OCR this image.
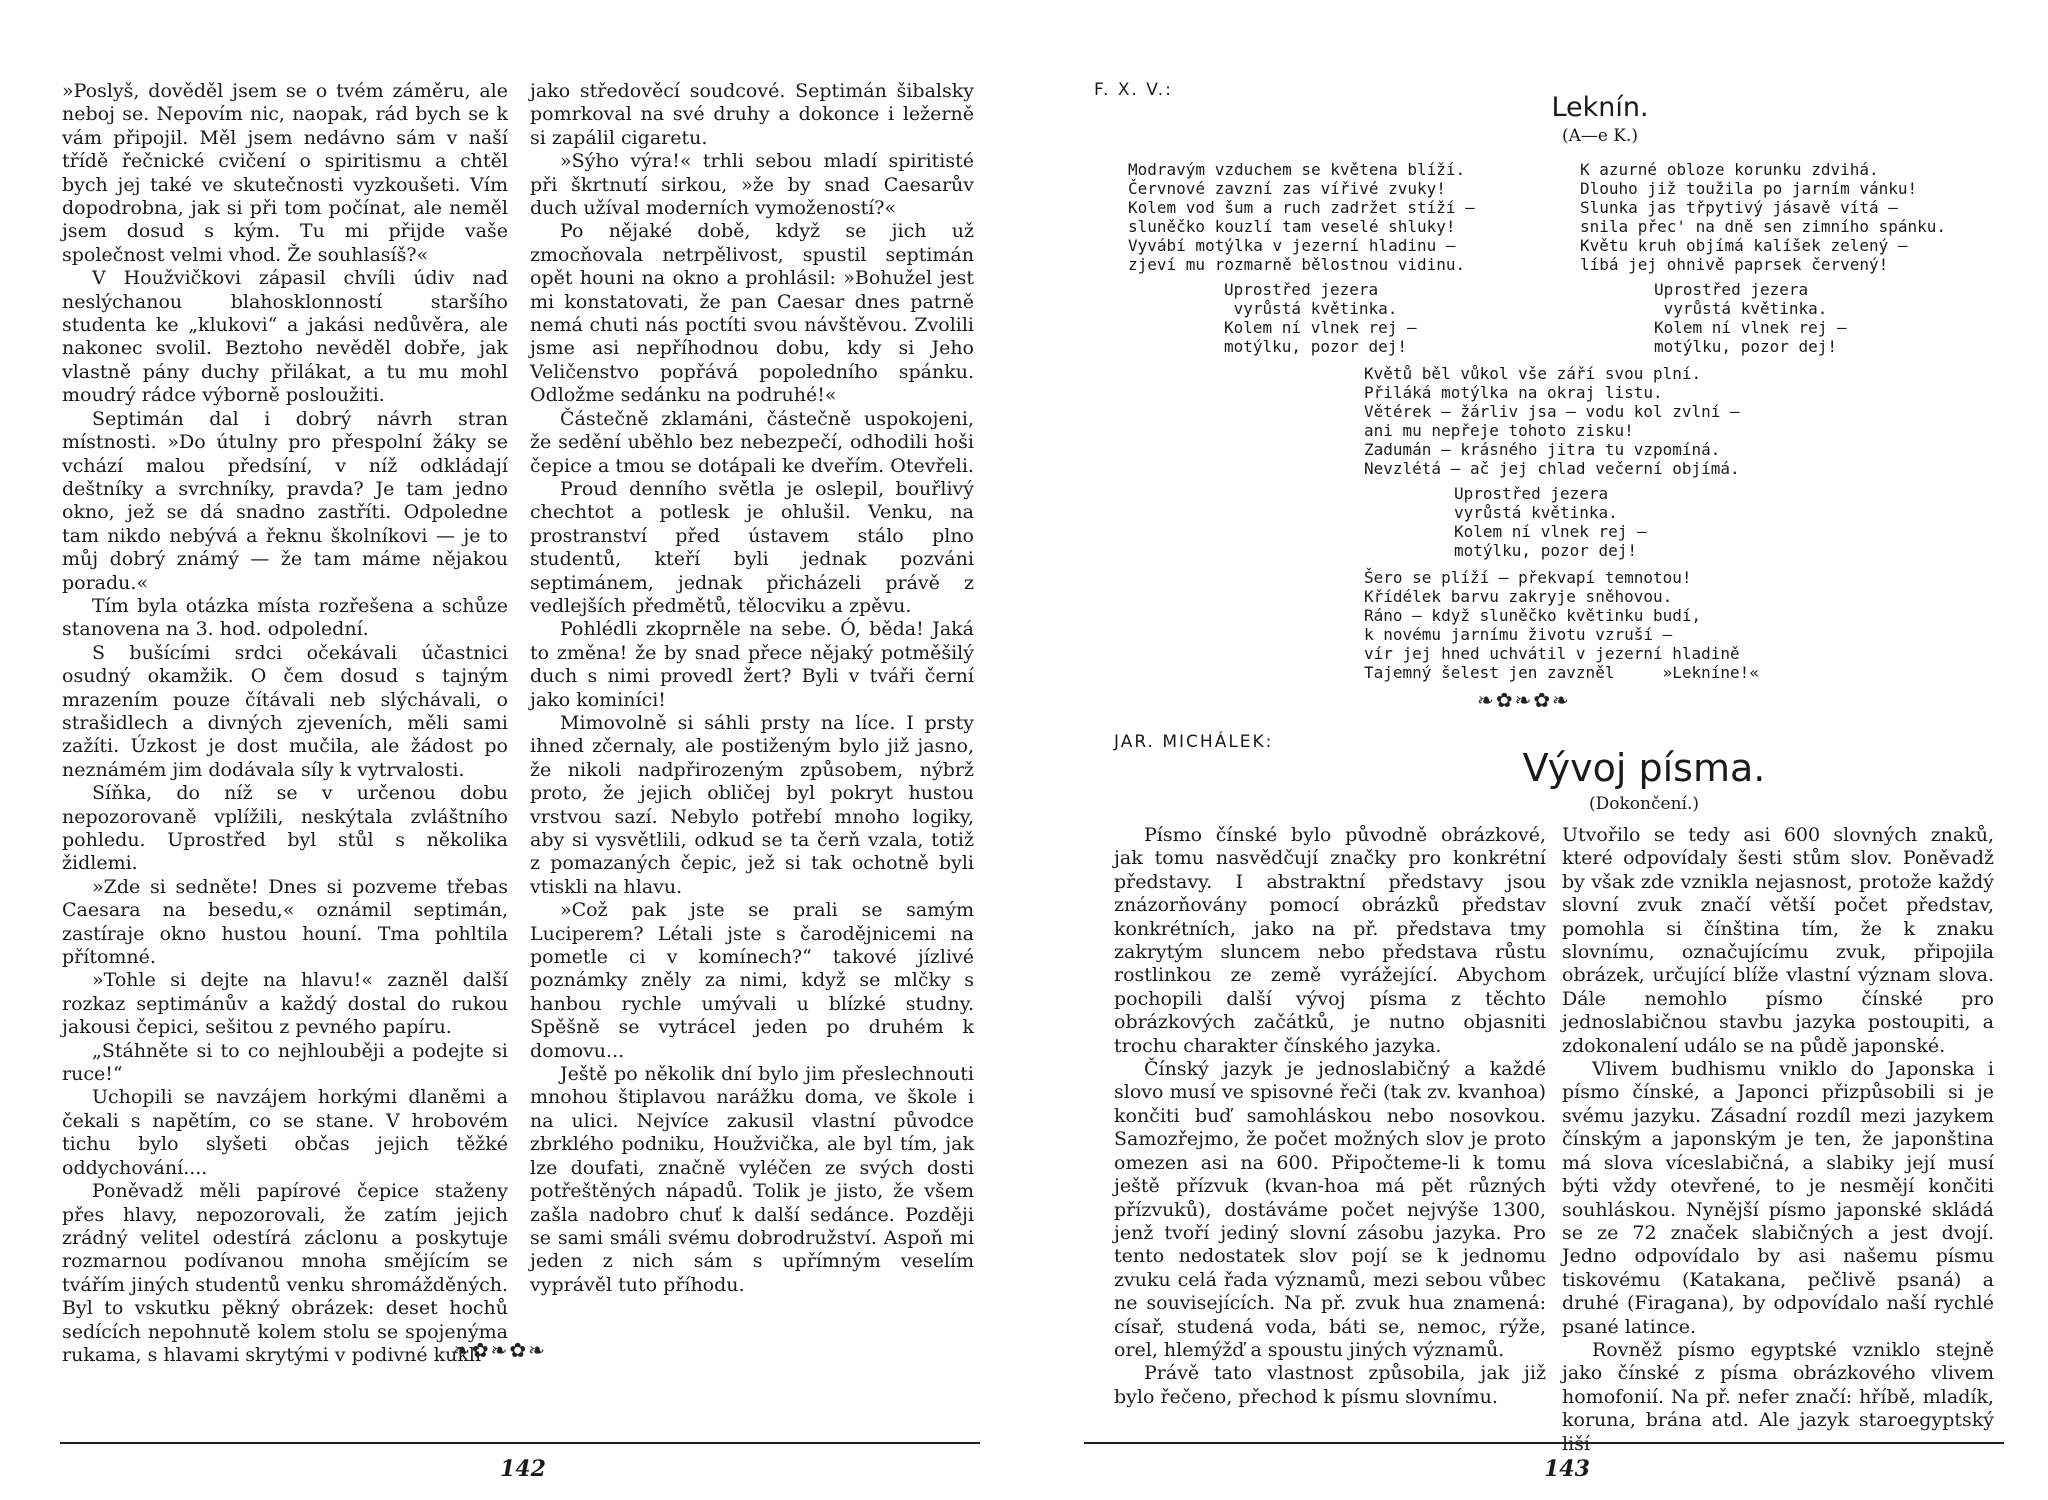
»Poslyš, dověděl jsem se o tvém záměru, ale neboj se. Nepovím nic, naopak, rád bych se k vám připojil. Měl jsem nedávno sám v naší třídě řečnické cvičení o spiritismu a chtěl bych jej také ve skutečnosti vyzkoušeti. Vím dopodrobna, jak si při tom počínat, ale neměl jsem dosud s kým. Tu mi přijde vaše společnost velmi vhod. Že souhlasíš?«

V Houžvičkovi zápasil chvíli údiv nad neslýchanou blahosklonností staršího studenta ke „klukovi“ a jakási nedůvěra, ale nakonec svolil. Beztoho nevěděl dobře, jak vlastně pány duchy přilákat, a tu mu mohl moudrý rádce výborně posloužiti.

Septimán dal i dobrý návrh stran místnosti. »Do útulny pro přespolní žáky se vchází malou předsíní, v níž odkládají deštníky a svrchníky, pravda? Je tam jedno okno, jež se dá snadno zastříti. Odpoledne tam nikdo nebývá a řeknu školníkovi — je to můj dobrý známý — že tam máme nějakou poradu.«

Tím byla otázka místa rozřešena a schůze stanovena na 3. hod. odpolední.

S bušícími srdci očekávali účastnici osudný okamžik. O čem dosud s tajným mrazením pouze čítávali neb slýchávali, o strašidlech a divných zjeveních, měli sami zažíti. Úzkost je dost mučila, ale žádost po neznámém jim dodávala síly k vytrvalosti.

Síňka, do níž se v určenou dobu nepozorovaně vplížili, neskýtala zvláštního pohledu. Uprostřed byl stůl s několika židlemi.

»Zde si sedněte! Dnes si pozveme třebas Caesara na besedu,« oznámil septimán, zastíraje okno hustou houní. Tma pohltila přítomné.

»Tohle si dejte na hlavu!« zazněl další rozkaz septimánův a každý dostal do rukou jakousi čepici, sešitou z pevného papíru.

„Stáhněte si to co nejhlouběji a podejte si ruce!“

Uchopili se navzájem horkými dlaněmi a čekali s napětím, co se stane. V hrobovém tichu bylo slyšeti občas jejich těžké oddychování....

Poněvadž měli papírové čepice staženy přes hlavy, nepozorovali, že zatím jejich zrádný velitel odestírá záclonu a poskytuje rozmarnou podívanou mnoha smějícím se tvářím jiných studentů venku shromážděných. Byl to vskutku pěkný obrázek: deset hochů sedících nepohnutě kolem stolu se spojenýma rukama, s hlavami skrytými v podivné kukli

jako středověcí soudcové. Septimán šibalsky pomrkoval na své druhy a dokonce i ležerně si zapálil cigaretu.

»Sýho výra!« trhli sebou mladí spiritisté při škrtnutí sirkou, »že by snad Caesarův duch užíval moderních vymožeností?«

Po nějaké době, když se jich už zmocňovala netrpělivost, spustil septimán opět houni na okno a prohlásil: »Bohužel jest mi konstatovati, že pan Caesar dnes patrně nemá chuti nás poctíti svou návštěvou. Zvolili jsme asi nepříhodnou dobu, kdy si Jeho Veličenstvo popřává popoledního spánku. Odložme sedánku na podruhé!«

Částečně zklamáni, částečně uspokojeni, že sedění uběhlo bez nebezpečí, odhodili hoši čepice a tmou se dotápali ke dveřím. Otevřeli.

Proud denního světla je oslepil, bouřlivý chechtot a potlesk je ohlušil. Venku, na prostranství před ústavem stálo plno studentů, kteří byli jednak pozváni septimánem, jednak přicházeli právě z vedlejších předmětů, tělocviku a zpěvu.

Pohlédli zkoprněle na sebe. Ó, běda! Jaká to změna! že by snad přece nějaký potměšilý duch s nimi provedl žert? Byli v tváři černí jako kominíci!

Mimovolně si sáhli prsty na líce. I prsty ihned zčernaly, ale postiženým bylo již jasno, že nikoli nadpřirozeným způsobem, nýbrž proto, že jejich obličej byl pokryt hustou vrstvou sazí. Nebylo potřebí mnoho logiky, aby si vysvětlili, odkud se ta čerň vzala, totiž z pomazaných čepic, jež si tak ochotně byli vtiskli na hlavu.

»Což pak jste se prali se samým Luciperem? Létali jste s čarodějnicemi na pometle ci v komínech?“ takové jízlivé poznámky zněly za nimi, když se mlčky s hanbou rychle umývali u blízké studny. Spěšně se vytrácel jeden po druhém k domovu...

Ještě po několik dní bylo jim přeslechnouti mnohou štiplavou narážku doma, ve škole i na ulici. Nejvíce zakusil vlastní původce zbrklého podniku, Houžvička, ale byl tím, jak lze doufati, značně vyléčen ze svých dosti potřeštěných nápadů. Tolik je jisto, že všem zašla nadobro chuť k další sedánce. Později se sami smáli svému dobrodružství. Aspoň mi jeden z nich sám s upřímným veselím vyprávěl tuto příhodu.

❧✿❧✿❧
142
F. X. V.:
Leknín.
(A—e K.)
Modravým vzduchem se květena blíží.
Červnové zavzní zas vířivé zvuky!
Kolem vod šum a ruch zadržet stíží —
sluněčko kouzlí tam veselé shluky!
Vyvábí motýlka v jezerní hladinu —
zjeví mu rozmarně bělostnou vidinu.
K azurné obloze korunku zdvihá.
Dlouho již toužila po jarním vánku!
Slunka jas třpytivý jásavě vítá —
snila přec' na dně sen zimního spánku.
Květu kruh objímá kalíšek zelený —
líbá jej ohnivě paprsek červený!
Uprostřed jezera
vyrůstá květinka.
Kolem ní vlnek rej —
motýlku, pozor dej!
Uprostřed jezera
vyrůstá květinka.
Kolem ní vlnek rej —
motýlku, pozor dej!
Květů běl vůkol vše září svou plní.
Přiláká motýlka na okraj listu.
Větérek — žárliv jsa — vodu kol zvlní —
ani mu nepřeje tohoto zisku!
Zadumán — krásného jitra tu vzpomíná.
Nevzlétá — ač jej chlad večerní objímá.
Uprostřed jezera
vyrůstá květinka.
Kolem ní vlnek rej —
motýlku, pozor dej!
Šero se plíží — překvapí temnotou!
Křídélek barvu zakryje sněhovou.
Ráno — když sluněčko květinku budí,
k novému jarnímu životu vzruší —
vír jej hned uchvátil v jezerní hladině
Tajemný šelest jen zavzněl     »Lekníne!«
❧✿❧✿❧
JAR. MICHÁLEK:
Vývoj písma.
(Dokončení.)

Písmo čínské bylo původně obrázkové, jak tomu nasvědčují značky pro konkrétní představy. I abstraktní představy jsou znázorňovány pomocí obrázků představ konkrétních, jako na př. představa tmy zakrytým sluncem nebo představa růstu rostlinkou ze země vyrážející. Abychom pochopili další vývoj písma z těchto obrázkových začátků, je nutno objasniti trochu charakter čínského jazyka.

Čínský jazyk je jednoslabičný a každé slovo musí ve spisovné řeči (tak zv. kvanhoa) končiti buď samohláskou nebo nosovkou. Samozřejmo, že počet možných slov je proto omezen asi na 600. Připočteme-li k tomu ještě přízvuk (kvan-hoa má pět různých přízvuků), dostáváme počet nejvýše 1300, jenž tvoří jediný slovní zásobu jazyka. Pro tento nedostatek slov pojí se k jednomu zvuku celá řada významů, mezi sebou vůbec ne souvisejících. Na př. zvuk hua znamená: císař, studená voda, báti se, nemoc, rýže, orel, hlemýžď a spoustu jiných významů.

Právě tato vlastnost způsobila, jak již bylo řečeno, přechod k písmu slovnímu.

Utvořilo se tedy asi 600 slovných znaků, které odpovídaly šesti stům slov. Poněvadž by však zde vznikla nejasnost, protože každý slovní zvuk značí větší počet představ, pomohla si čínština tím, že k znaku slovnímu, označujícímu zvuk, připojila obrázek, určující blíže vlastní význam slova. Dále nemohlo písmo čínské pro jednoslabičnou stavbu jazyka postoupiti, a zdokonalení událo se na půdě japonské.

Vlivem budhismu vniklo do Japonska i písmo čínské, a Japonci přizpůsobili si je svému jazyku. Zásadní rozdíl mezi jazykem čínským a japonským je ten, že japonština má slova víceslabičná, a slabiky její musí býti vždy otevřené, to je nesmějí končiti souhláskou. Nynější písmo japonské skládá se ze 72 značek slabičných a jest dvojí. Jedno odpovídalo by asi našemu písmu tiskovému (Katakana, pečlivě psaná) a druhé (Firagana), by odpovídalo naší rychlé psané latince.

Rovněž písmo egyptské vzniklo stejně jako čínské z písma obrázkového vlivem homofonií. Na př. nefer značí: hříbě, mladík, koruna, brána atd. Ale jazyk staroegyptský liší

143
